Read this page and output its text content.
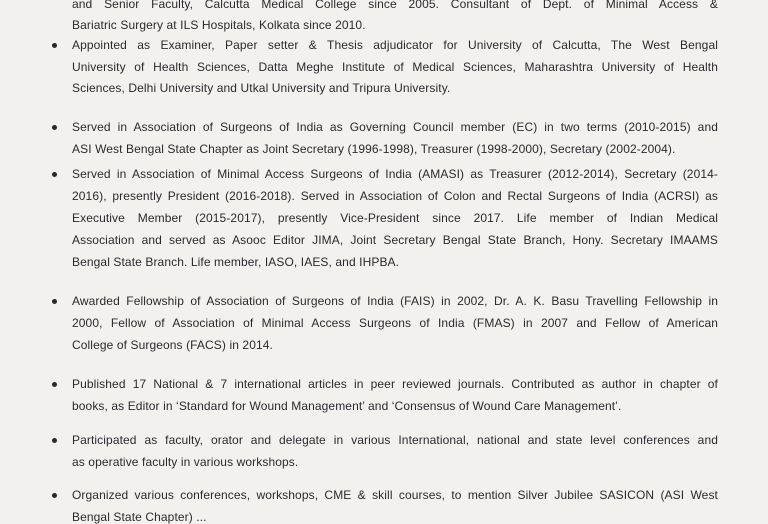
and Senior Faculty, Calcutta Medical College since 2005. Consultant of Dept. of Minimal Access &
Bariatric Surgery at ILS Hospitals, Kolkata since 2010.
Appointed as Examiner, Paper setter & Thesis adjudicator for University of Calcutta, The West Bengal
University of Health Sciences, Datta Meghe Institute of Medical Sciences, Maharashtra University of Health
Sciences, Delhi University and Utkal University and Tripura University.
Served in Association of Surgeons of India as Governing Council member (EC) in two terms (2010-2015) and
ASI West Bengal State Chapter as Joint Secretary (1996-1998), Treasurer (1998-2000), Secretary (2002-2004).
Served in Association of Minimal Access Surgeons of India (AMASI) as Treasurer (2012-2014), Secretary (2014-
2016), presently President (2016-2018). Served in Association of Colon and Rectal Surgeons of India (ACRSI) as
Executive Member (2015-2017), presently Vice-President since 2017. Life member of Indian Medical
Association and served as Asooc Editor JIMA, Joint Secretary Bengal State Branch, Hony. Secretary IMAAMS
Bengal State Branch. Life member, IASO, IAES, and IHPBA.
Awarded Fellowship of Association of Surgeons of India (FAIS) in 2002, Dr. A. K. Basu Travelling Fellowship in
2000, Fellow of Association of Minimal Access Surgeons of India (FMAS) in 2007 and Fellow of American
College of Surgeons (FACS) in 2014.
Published 17 National & 7 international articles in peer reviewed journals. Contributed as author in chapter of
books, as Editor in ‘Standard for Wound Management’ and ‘Consensus of Wound Care Management’.
Participated as faculty, orator and delegate in various International, national and state level conferences and
as operative faculty in various workshops.
Organized various conferences, workshops, CME & skill courses, to mention Silver Jubilee SASICON (ASI West
Bengal State Chapter) ...
